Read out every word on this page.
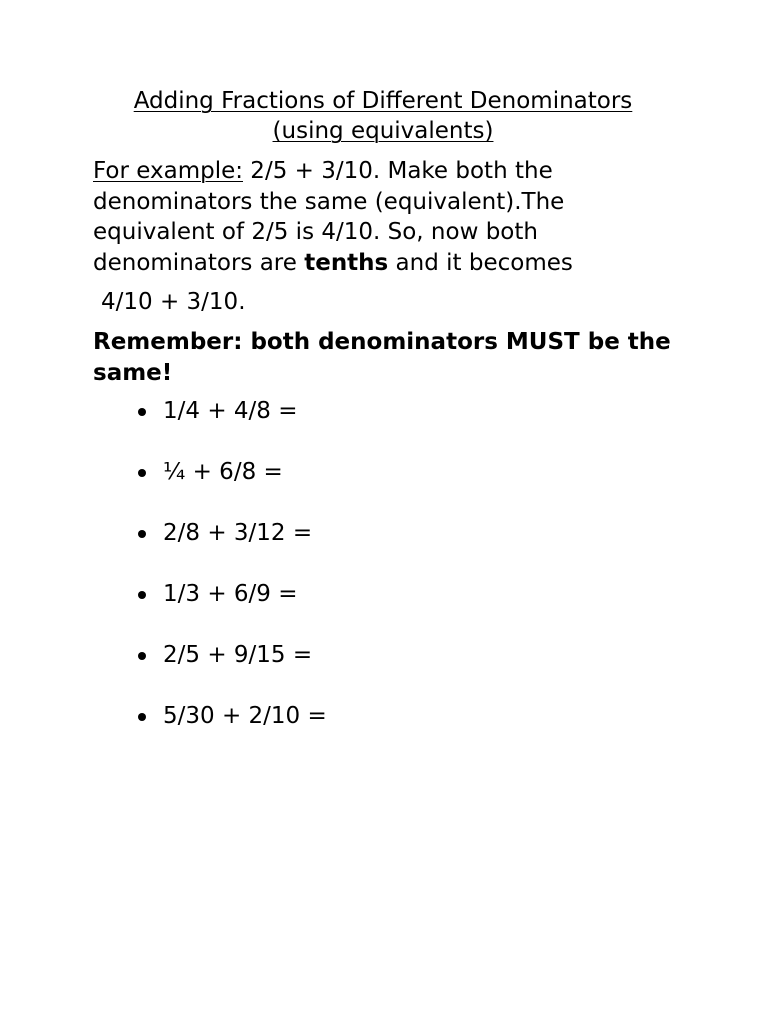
Adding Fractions of Different Denominators
(using equivalents)

For example: 2/5 + 3/10. Make both the denominators the same (equivalent).The equivalent of 2/5 is 4/10. So, now both denominators are tenths and it becomes

4/10 + 3/10.

Remember: both denominators MUST be the same!

1/4 + 4/8 =
¼ + 6/8 =
2/8 + 3/12 =
1/3 + 6/9 =
2/5 + 9/15 =
5/30 + 2/10 =
